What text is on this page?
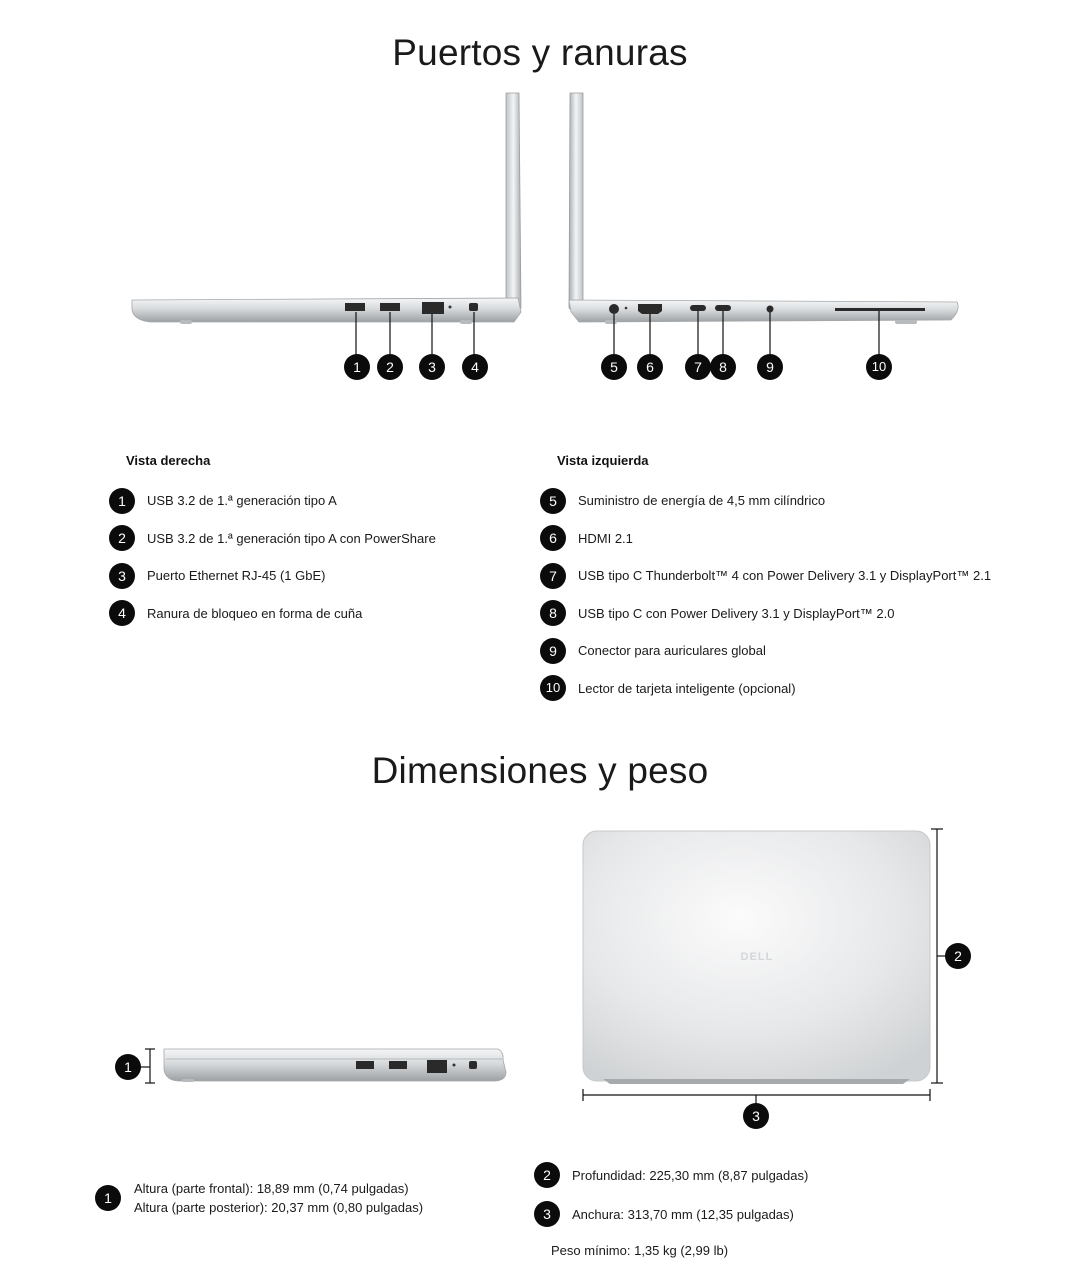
Puertos y ranuras
1	2	3	4	5	6	7	8	9	10
Vista derecha
1	USB 3.2 de 1.ª generación tipo A
2	USB 3.2 de 1.ª generación tipo A con PowerShare
3	Puerto Ethernet RJ-45 (1 GbE)
4	Ranura de bloqueo en forma de cuña
Vista izquierda
5	Suministro de energía de 4,5 mm cilíndrico
6	HDMI 2.1
7	USB tipo C Thunderbolt™ 4 con Power Delivery 3.1 y DisplayPort™ 2.1
8	USB tipo C con Power Delivery 3.1 y DisplayPort™ 2.0
9	Conector para auriculares global
10	Lector de tarjeta inteligente (opcional)
Dimensiones y peso
1
DELL	2
3
1
Altura (parte frontal): 18,89 mm (0,74 pulgadas)
Altura (parte posterior): 20,37 mm (0,80 pulgadas)
2	Profundidad: 225,30 mm (8,87 pulgadas)
3	Anchura: 313,70 mm (12,35 pulgadas)
Peso mínimo: 1,35 kg (2,99 lb)
